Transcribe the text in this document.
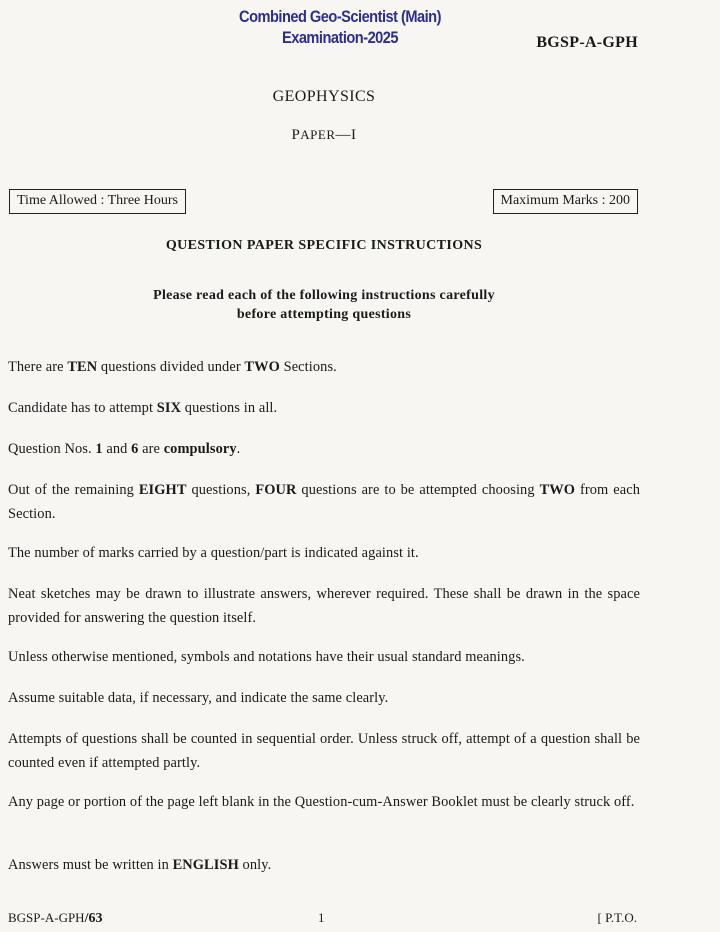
Combined Geo-Scientist (Main)
Examination-2025	BGSP-A-GPH
GEOPHYSICS
PAPER—I
Time Allowed : Three Hours	Maximum Marks : 200
QUESTION PAPER SPECIFIC INSTRUCTIONS
Please read each of the following instructions carefully
before attempting questions
There are TEN questions divided under TWO Sections.
Candidate has to attempt SIX questions in all.
Question Nos. 1 and 6 are compulsory.
Out of the remaining EIGHT questions, FOUR questions are to be attempted choosing TWO from each Section.
The number of marks carried by a question/part is indicated against it.
Neat sketches may be drawn to illustrate answers, wherever required. These shall be drawn in the space provided for answering the question itself.
Unless otherwise mentioned, symbols and notations have their usual standard meanings.
Assume suitable data, if necessary, and indicate the same clearly.
Attempts of questions shall be counted in sequential order. Unless struck off, attempt of a question shall be counted even if attempted partly.
Any page or portion of the page left blank in the Question-cum-Answer Booklet must be clearly struck off.
Answers must be written in ENGLISH only.
BGSP-A-GPH/63	1	[ P.T.O.
